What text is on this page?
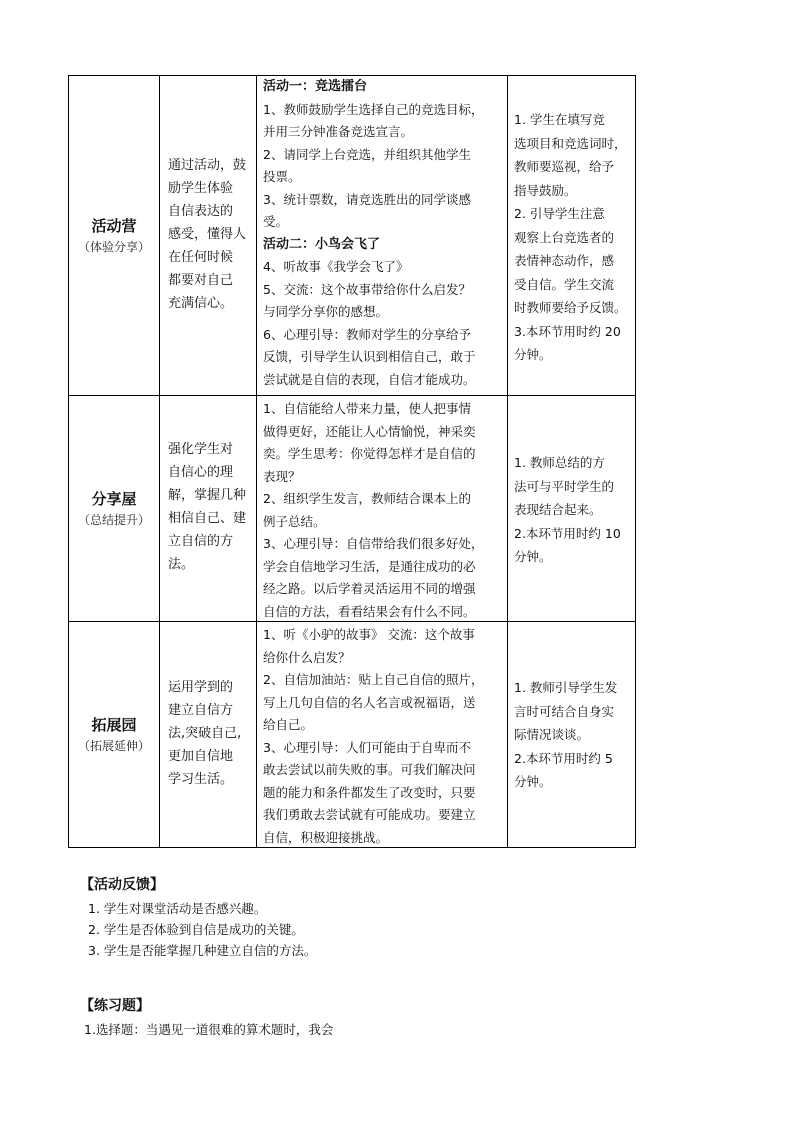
活动营
（体验分享）
通过活动，鼓
励学生体验
自信表达的
感受，懂得人
在任何时候
都要对自己
充满信心。
活动一：竞选擂台
1、教师鼓励学生选择自己的竞选目标，
并用三分钟准备竞选宣言。
2、请同学上台竞选，并组织其他学生
投票。
3、统计票数，请竞选胜出的同学谈感
受。
活动二：小鸟会飞了
4、听故事《我学会飞了》
5、交流：这个故事带给你什么启发？
与同学分享你的感想。
6、心理引导：教师对学生的分享给予
反馈，引导学生认识到相信自己，敢于
尝试就是自信的表现，自信才能成功。
1. 学生在填写竞
选项目和竞选词时，
教师要巡视，给予
指导鼓励。
2. 引导学生注意
观察上台竞选者的
表情神态动作，感
受自信。学生交流
时教师要给予反馈。
3.本环节用时约 20
分钟。
分享屋
（总结提升）
强化学生对
自信心的理
解，掌握几种
相信自己、建
立自信的方
法。
1、自信能给人带来力量，使人把事情
做得更好，还能让人心情愉悦，神采奕
奕。学生思考：你觉得怎样才是自信的
表现？
2、组织学生发言，教师结合课本上的
例子总结。
3、心理引导：自信带给我们很多好处，
学会自信地学习生活，是通往成功的必
经之路。以后学着灵活运用不同的增强
自信的方法，看看结果会有什么不同。
1. 教师总结的方
法可与平时学生的
表现结合起来。
2.本环节用时约 10
分钟。
拓展园
（拓展延伸）
运用学到的
建立自信方
法,突破自己,
更加自信地
学习生活。
1、听《小驴的故事》 交流：这个故事
给你什么启发？
2、自信加油站：贴上自己自信的照片，
写上几句自信的名人名言或祝福语，送
给自己。
3、心理引导：人们可能由于自卑而不
敢去尝试以前失败的事。可我们解决问
题的能力和条件都发生了改变时，只要
我们勇敢去尝试就有可能成功。要建立
自信，积极迎接挑战。
1. 教师引导学生发
言时可结合自身实
际情况谈谈。
2.本环节用时约 5
分钟。
【活动反馈】
1. 学生对课堂活动是否感兴趣。
2. 学生是否体验到自信是成功的关键。
3. 学生是否能掌握几种建立自信的方法。
【练习题】
1.选择题：当遇见一道很难的算术题时，我会
